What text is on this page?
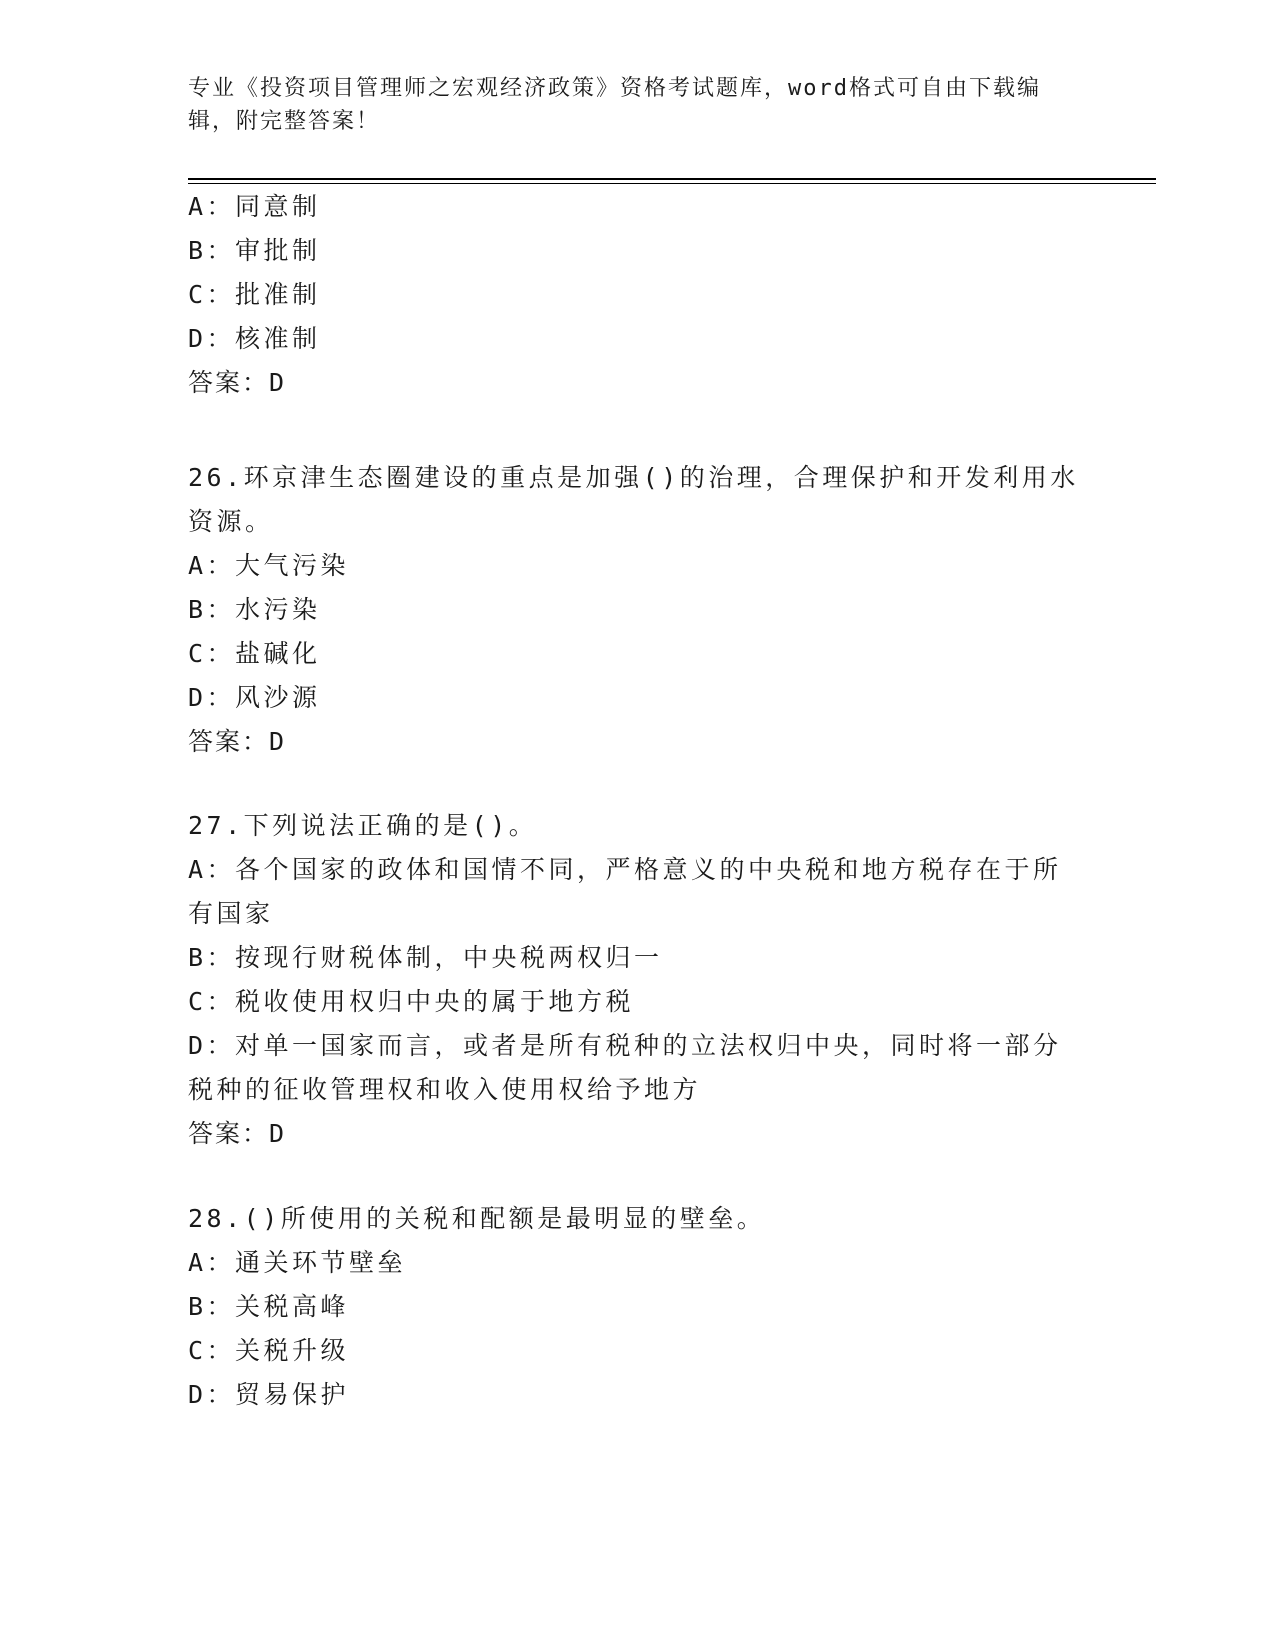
专业《投资项目管理师之宏观经济政策》资格考试题库，word格式可自由下载编
辑，附完整答案！
A：同意制
B：审批制
C：批准制
D：核准制
答案：D
26.环京津生态圈建设的重点是加强()的治理，合理保护和开发利用水
资源。
A：大气污染
B：水污染
C：盐碱化
D：风沙源
答案：D
27.下列说法正确的是()。
A：各个国家的政体和国情不同，严格意义的中央税和地方税存在于所
有国家
B：按现行财税体制，中央税两权归一
C：税收使用权归中央的属于地方税
D：对单一国家而言，或者是所有税种的立法权归中央，同时将一部分
税种的征收管理权和收入使用权给予地方
答案：D
28.()所使用的关税和配额是最明显的壁垒。
A：通关环节壁垒
B：关税高峰
C：关税升级
D：贸易保护
